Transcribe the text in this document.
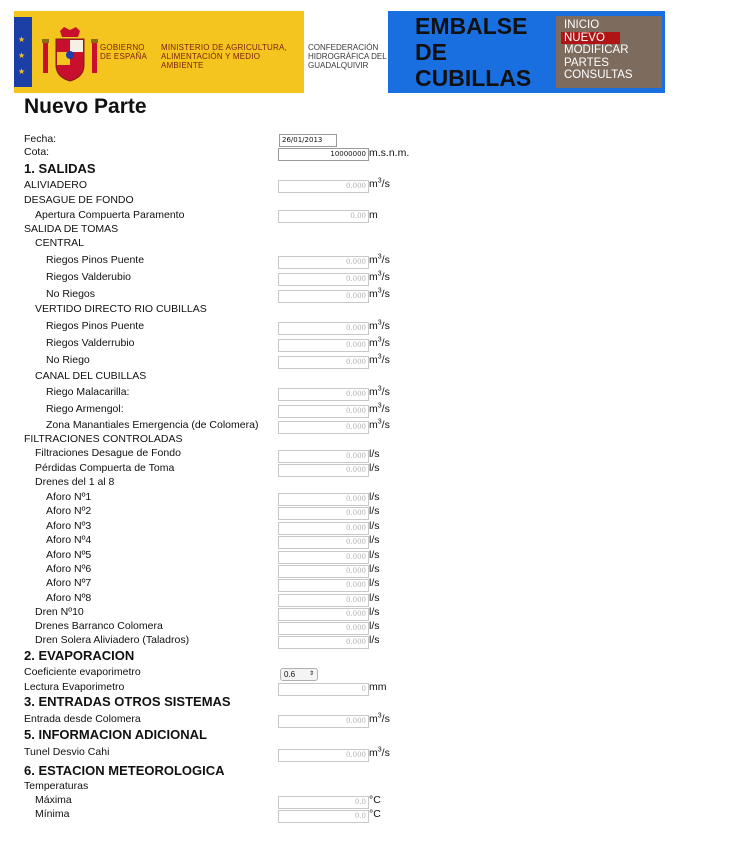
★
★
★
GOBIERNO DE ESPAÑA
MINISTERIO DE AGRICULTURA, ALIMENTACIÓN Y MEDIO AMBIENTE
CONFEDERACIÓN HIDROGRÁFICA DEL GUADALQUIVIR
EMBALSE
DE
CUBILLAS
INICIO
NUEVO
MODIFICAR
PARTES
CONSULTAS
Nuevo Parte
Fecha:	26/01/2013
Cota:	10000000 m.s.n.m.
1. SALIDAS
ALIVIADERO	0.000 $m^3/s$
DESAGUE DE FONDO
Apertura Compuerta Paramento	0.00 m
SALIDA DE TOMAS
CENTRAL
Riegos Pinos Puente	0.000 $m^3/s$
Riegos Valderubio	0.000 $m^3/s$
No Riegos	0.000 $m^3/s$
VERTIDO DIRECTO RIO CUBILLAS
Riegos Pinos Puente	0.000 $m^3/s$
Riegos Valderrubio	0.000 $m^3/s$
No Riego	0.000 $m^3/s$
CANAL DEL CUBILLAS
Riego Malacarilla:	0.000 $m^3/s$
Riego Armengol:	0.000 $m^3/s$
Zona Manantiales Emergencia (de Colomera)	0.000 $m^3/s$
FILTRACIONES CONTROLADAS
Filtraciones Desague de Fondo	0.000 l/s
Pérdidas Compuerta de Toma	0.000 l/s
Drenes del 1 al 8
Aforo Nº1	0.000 l/s
Aforo Nº2	0.000 l/s
Aforo Nº3	0.000 l/s
Aforo Nº4	0.000 l/s
Aforo Nº5	0.000 l/s
Aforo Nº6	0.000 l/s
Aforo Nº7	0.000 l/s
Aforo Nº8	0.000 l/s
Dren Nº10	0.000 l/s
Drenes Barranco Colomera	0.000 l/s
Dren Solera Aliviadero (Taladros)	0.000 l/s
2. EVAPORACION
Coeficiente evaporimetro	0.6 ⇕
Lectura Evaporimetro	0 mm
3. ENTRADAS OTROS SISTEMAS
Entrada desde Colomera	0.000 $m^3/s$
5. INFORMACION ADICIONAL
Tunel Desvio Cahi	0.000 $m^3/s$
6. ESTACION METEOROLOGICA
Temperaturas
Máxima	0.0 °C
Mínima	0.0 °C
